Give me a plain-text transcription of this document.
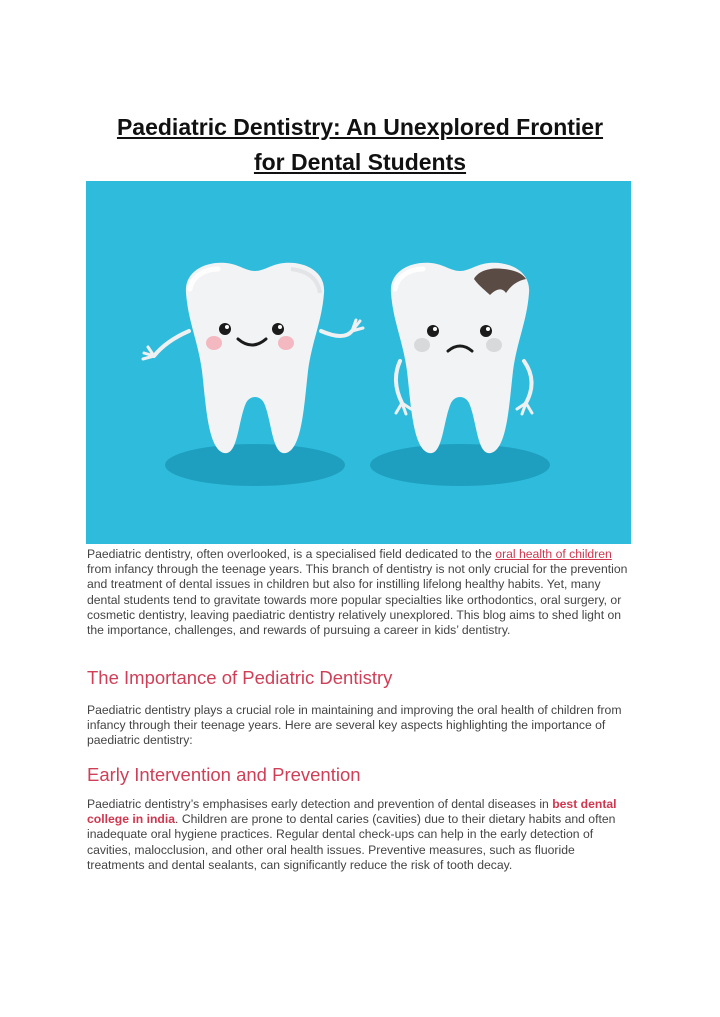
Paediatric Dentistry: An Unexplored Frontier
for Dental Students

Paediatric dentistry, often overlooked, is a specialised field dedicated to the oral health of children from infancy through the teenage years. This branch of dentistry is not only crucial for the prevention and treatment of dental issues in children but also for instilling lifelong healthy habits. Yet, many dental students tend to gravitate towards more popular specialties like orthodontics, oral surgery, or cosmetic dentistry, leaving paediatric dentistry relatively unexplored. This blog aims to shed light on the importance, challenges, and rewards of pursuing a career in kids’ dentistry.

The Importance of Pediatric Dentistry

Paediatric dentistry plays a crucial role in maintaining and improving the oral health of children from infancy through their teenage years. Here are several key aspects highlighting the importance of paediatric dentistry:

Early Intervention and Prevention

Paediatric dentistry’s emphasises early detection and prevention of dental diseases in best dental college in india. Children are prone to dental caries (cavities) due to their dietary habits and often inadequate oral hygiene practices. Regular dental check-ups can help in the early detection of cavities, malocclusion, and other oral health issues. Preventive measures, such as fluoride treatments and dental sealants, can significantly reduce the risk of tooth decay.
